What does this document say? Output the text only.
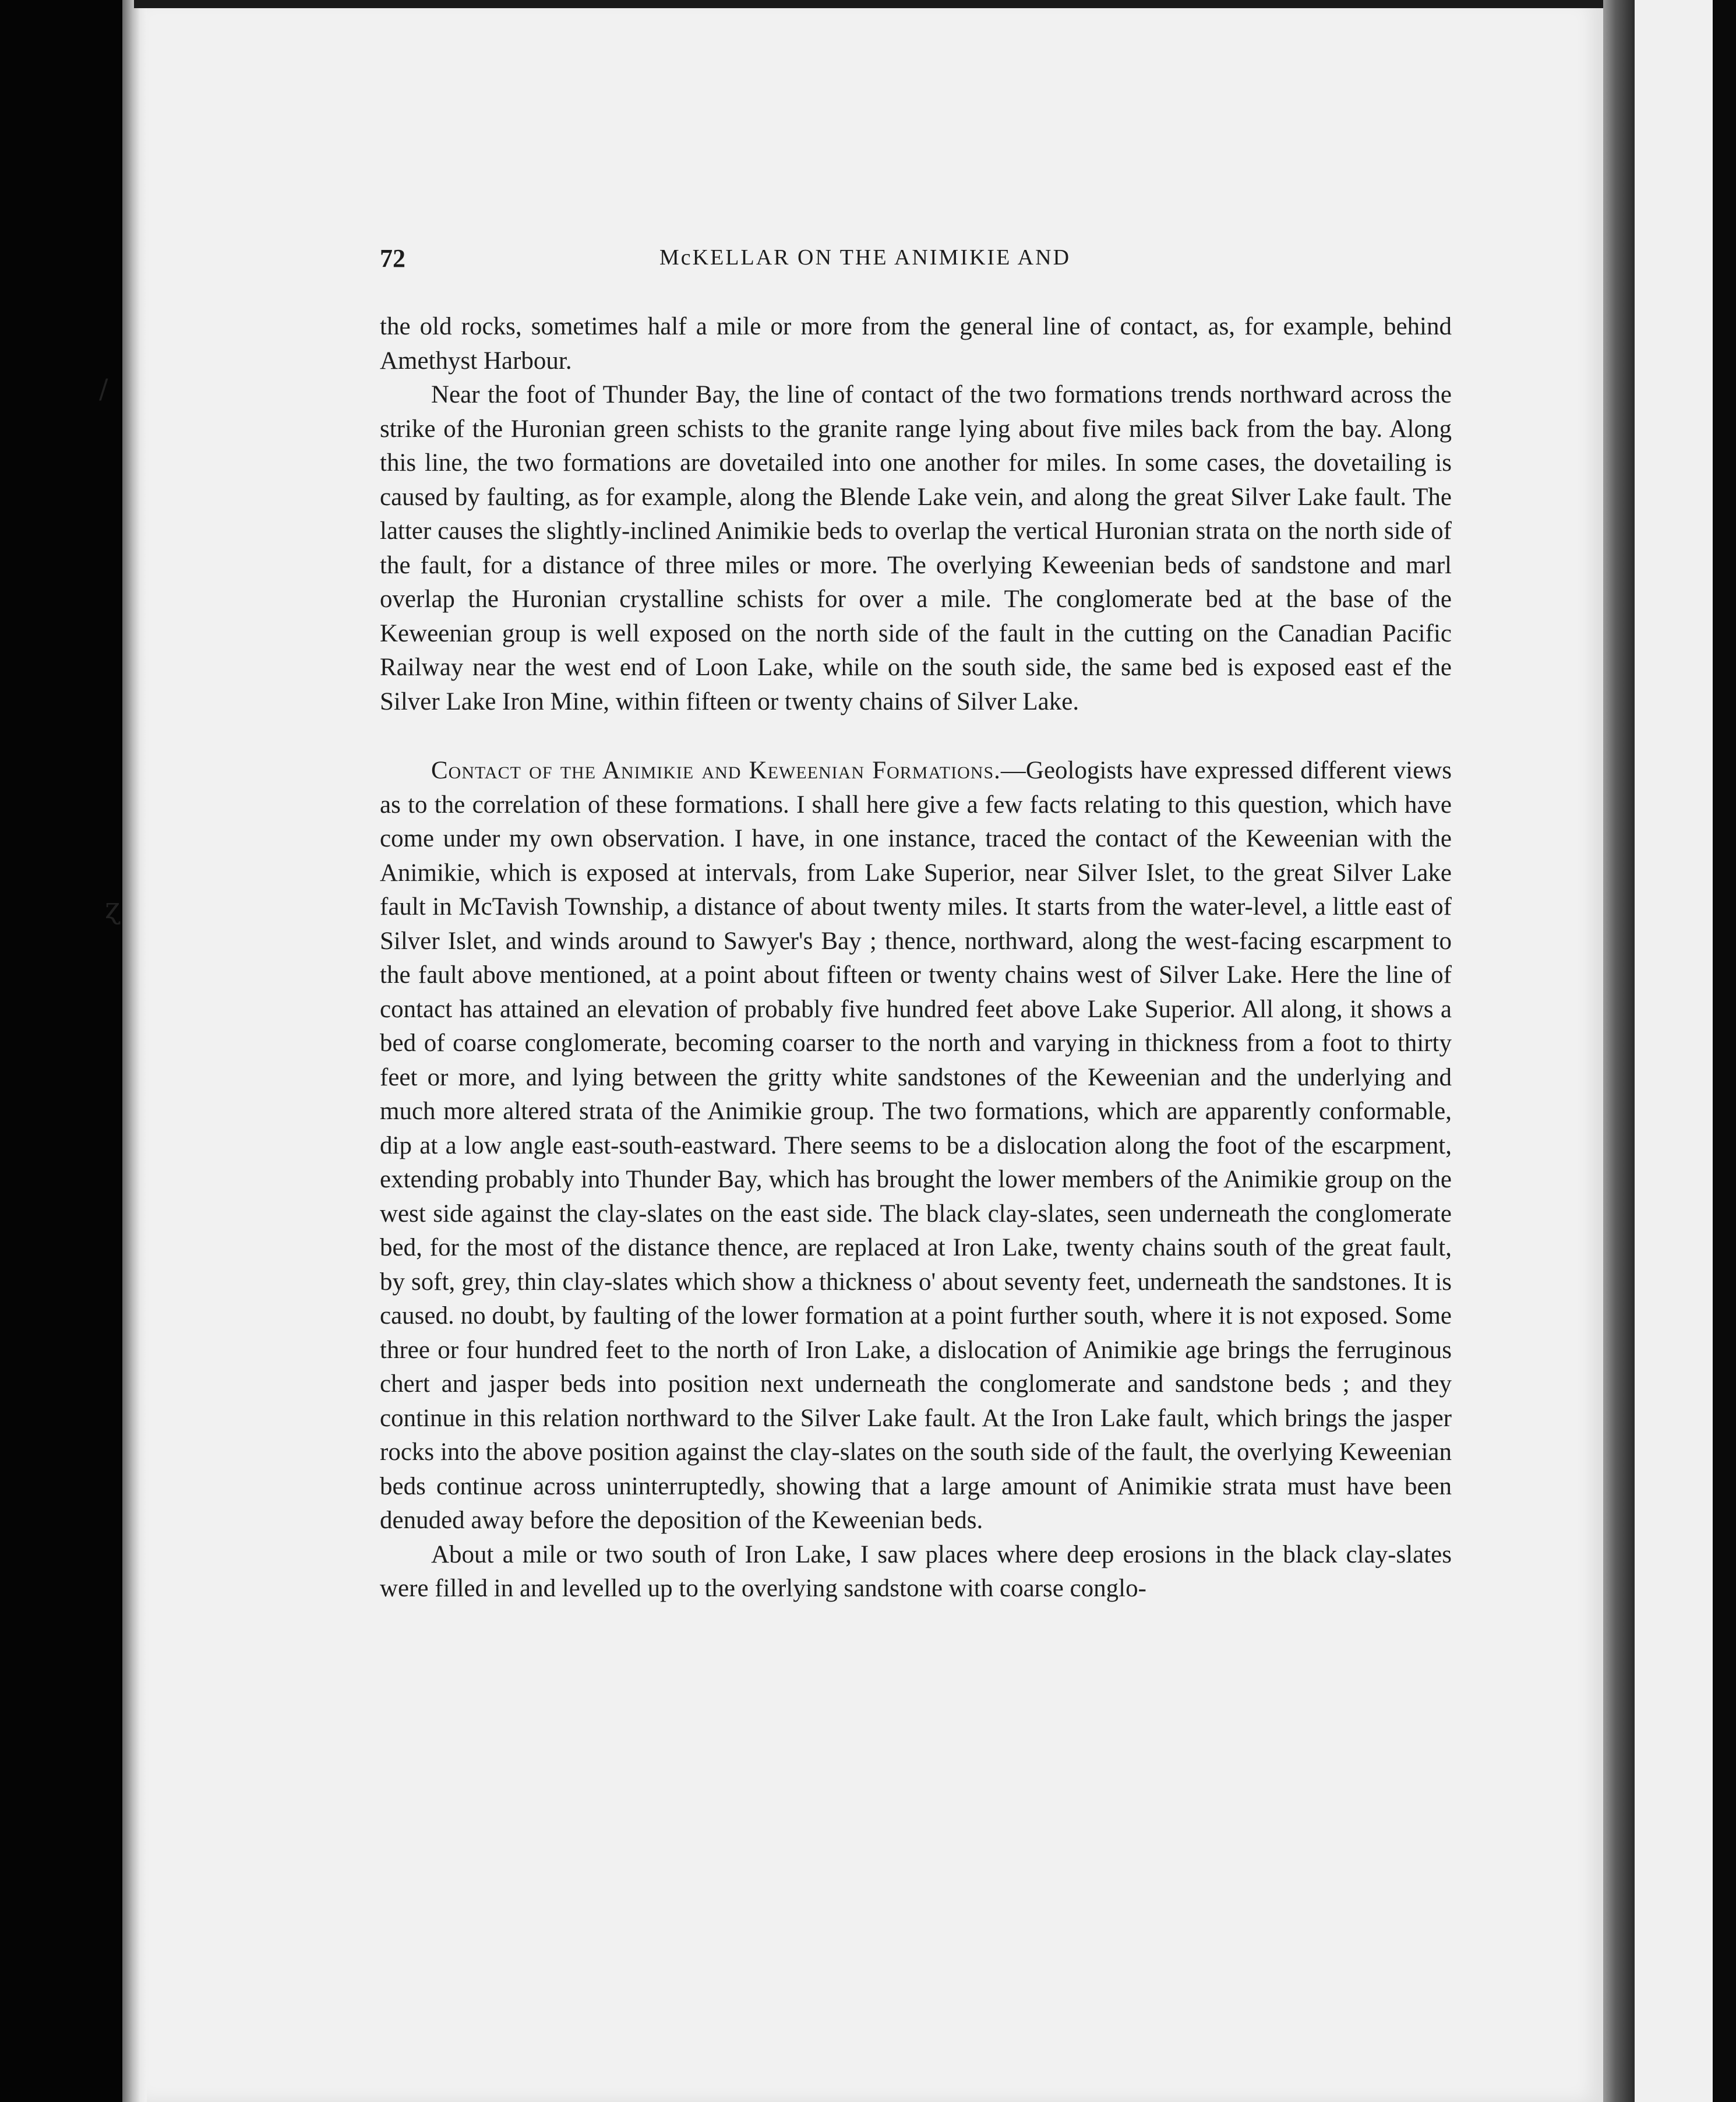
/
ɀ
72	McKELLAR ON THE ANIMIKIE AND

the old rocks, sometimes half a mile or more from the general line of contact, as, for example, behind Amethyst Harbour.

Near the foot of Thunder Bay, the line of contact of the two formations trends northward across the strike of the Huronian green schists to the granite range lying about five miles back from the bay. Along this line, the two formations are dovetailed into one another for miles. In some cases, the dovetailing is caused by faulting, as for example, along the Blende Lake vein, and along the great Silver Lake fault. The latter causes the slightly-inclined Animikie beds to overlap the vertical Huronian strata on the north side of the fault, for a distance of three miles or more. The overlying Keweenian beds of sandstone and marl overlap the Huronian crystalline schists for over a mile. The conglomerate bed at the base of the Keweenian group is well exposed on the north side of the fault in the cutting on the Canadian Pacific Railway near the west end of Loon Lake, while on the south side, the same bed is exposed east ef the Silver Lake Iron Mine, within fifteen or twenty chains of Silver Lake.

Contact of the Animikie and Keweenian Formations.—Geologists have expressed different views as to the correlation of these formations. I shall here give a few facts relating to this question, which have come under my own observation. I have, in one instance, traced the contact of the Keweenian with the Animikie, which is exposed at intervals, from Lake Superior, near Silver Islet, to the great Silver Lake fault in McTavish Township, a distance of about twenty miles. It starts from the water-level, a little east of Silver Islet, and winds around to Sawyer's Bay ; thence, northward, along the west-facing escarpment to the fault above mentioned, at a point about fifteen or twenty chains west of Silver Lake. Here the line of contact has attained an elevation of probably five hundred feet above Lake Superior. All along, it shows a bed of coarse conglomerate, becoming coarser to the north and varying in thickness from a foot to thirty feet or more, and lying between the gritty white sandstones of the Keweenian and the underlying and much more altered strata of the Animikie group. The two formations, which are apparently conformable, dip at a low angle east-south-eastward. There seems to be a dislocation along the foot of the escarpment, extending probably into Thunder Bay, which has brought the lower members of the Animikie group on the west side against the clay-slates on the east side. The black clay-slates, seen underneath the conglomerate bed, for the most of the distance thence, are replaced at Iron Lake, twenty chains south of the great fault, by soft, grey, thin clay-slates which show a thickness o' about seventy feet, underneath the sandstones. It is caused. no doubt, by faulting of the lower formation at a point further south, where it is not exposed. Some three or four hundred feet to the north of Iron Lake, a dislocation of Animikie age brings the ferruginous chert and jasper beds into position next underneath the conglomerate and sandstone beds ; and they continue in this relation northward to the Silver Lake fault. At the Iron Lake fault, which brings the jasper rocks into the above position against the clay-slates on the south side of the fault, the overlying Keweenian beds continue across uninterruptedly, showing that a large amount of Animikie strata must have been denuded away before the deposition of the Keweenian beds.

About a mile or two south of Iron Lake, I saw places where deep erosions in the black clay-slates were filled in and levelled up to the overlying sandstone with coarse conglo-
